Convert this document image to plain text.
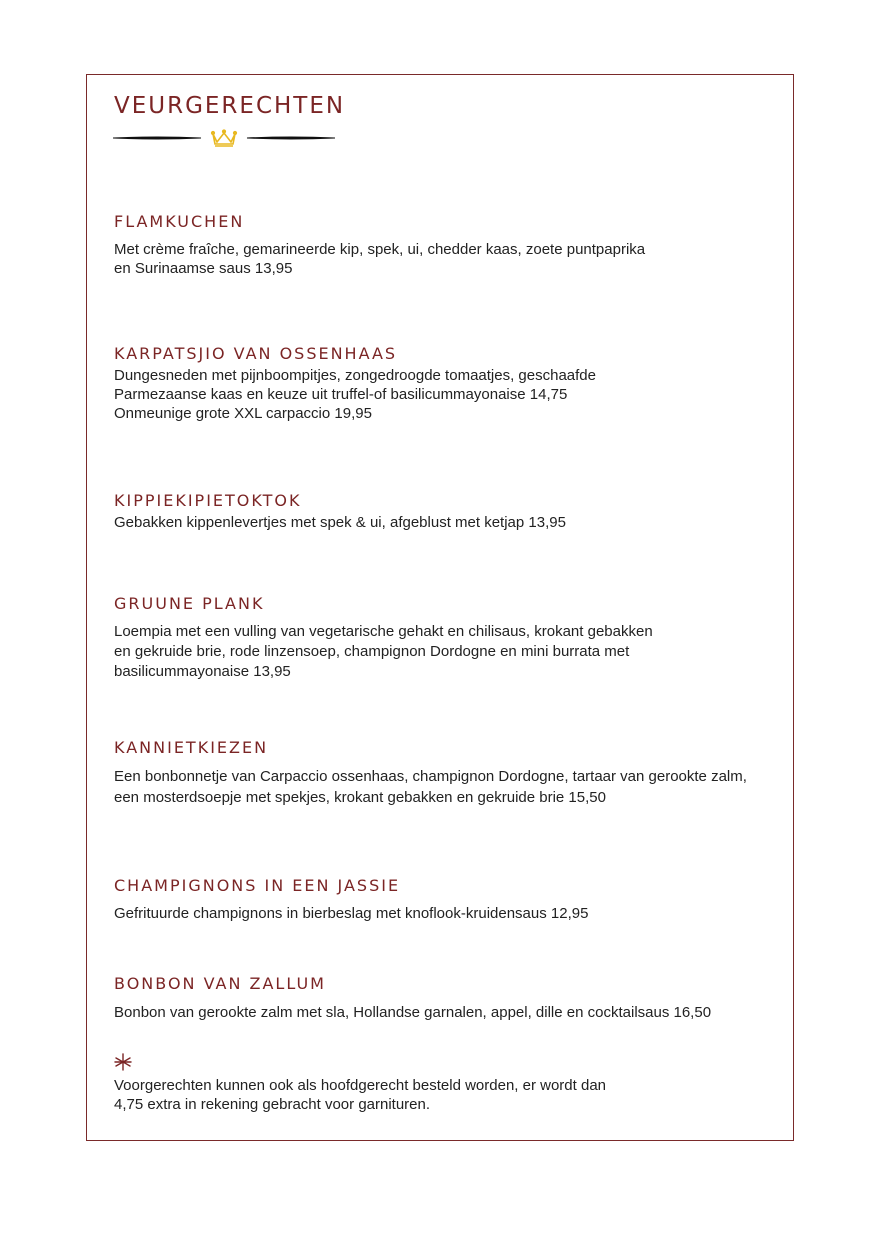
VEURGERECHTEN
FLAMKUCHEN

Met crème fraîche, gemarineerde kip, spek, ui, chedder kaas, zoete puntpaprika
en Surinaamse saus 13,95

KARPATSJIO VAN OSSENHAAS

Dungesneden met pijnboompitjes, zongedroogde tomaatjes, geschaafde
Parmezaanse kaas en keuze uit truffel-of basilicummayonaise 14,75
Onmeunige grote XXL carpaccio 19,95

KIPPIEKIPIETOKTOK

Gebakken kippenlevertjes met spek & ui, afgeblust met ketjap 13,95

GRUUNE PLANK

Loempia met een vulling van vegetarische gehakt en chilisaus, krokant gebakken
en gekruide brie, rode linzensoep, champignon Dordogne en mini burrata met
basilicummayonaise 13,95

KANNIETKIEZEN

Een bonbonnetje van Carpaccio ossenhaas, champignon Dordogne, tartaar van gerookte zalm,
een mosterdsoepje met spekjes, krokant gebakken en gekruide brie 15,50

CHAMPIGNONS IN EEN JASSIE

Gefrituurde champignons in bierbeslag met knoflook-kruidensaus 12,95

BONBON VAN ZALLUM

Bonbon van gerookte zalm met sla, Hollandse garnalen, appel, dille en cocktailsaus 16,50

Voorgerechten kunnen ook als hoofdgerecht besteld worden, er wordt dan
4,75 extra in rekening gebracht voor garnituren.
